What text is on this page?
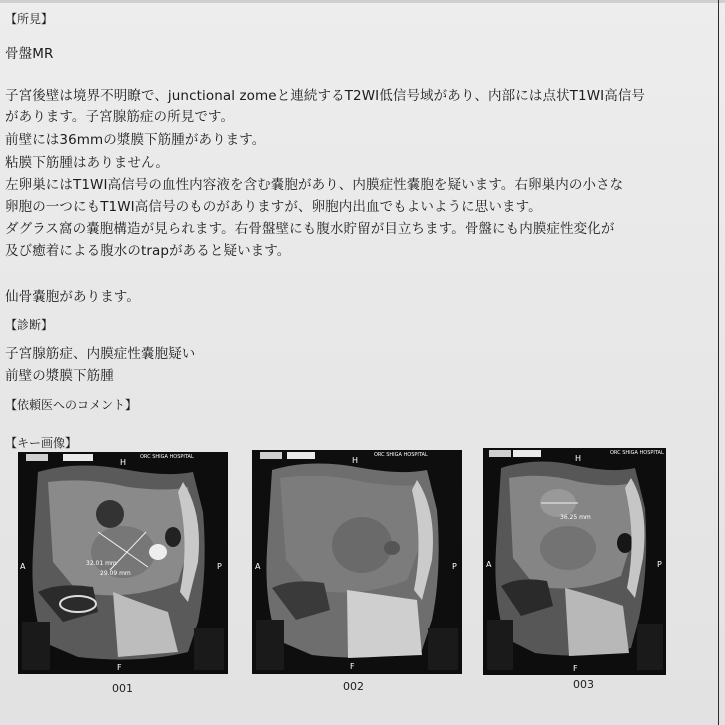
【所見】
骨盤MR
子宮後壁は境界不明瞭で、junctional zomeと連続するT2WI低信号域があり、内部には点状T1WI高信号
があります。子宮腺筋症の所見です。
前壁には36mmの漿膜下筋腫があります。
粘膜下筋腫はありません。
左卵巣にはT1WI高信号の血性内容液を含む嚢胞があり、内膜症性嚢胞を疑います。右卵巣内の小さな
卵胞の一つにもT1WI高信号のものがありますが、卵胞内出血でもよいように思います。
ダグラス窩の嚢胞構造が見られます。右骨盤壁にも腹水貯留が目立ちます。骨盤にも内膜症性変化が
及び癒着による腹水のtrapがあると疑います。
仙骨嚢胞があります。
【診断】
子宮腺筋症、内膜症性嚢胞疑い
前壁の漿膜下筋腫
【依頼医へのコメント】
【キー画像】
32.01 mm
29.09 mm
ORC SHIGA HOSPITAL
H
A	P
F
001
ORC SHIGA HOSPITAL
H
A	P
F
002
36.25 mm
ORC SHIGA HOSPITAL
H
A	P
F
003
